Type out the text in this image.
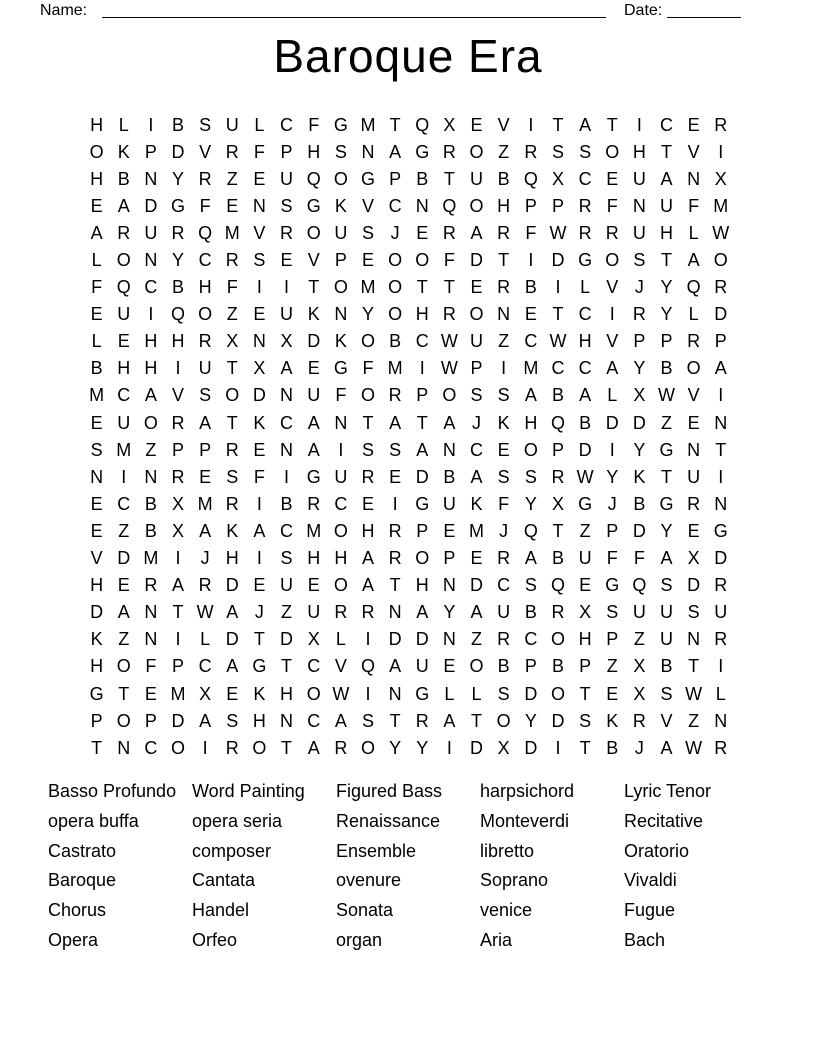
Name:	Date:
Baroque Era
H L	I	B S U L C F G M T Q X E V	I	T A T	I	C E R
O K P D V R F P H S N A G R O Z R S S O H T V	I
H B N Y R Z E U Q O G P B T U B Q X C E U A N X
E A D G F E N S G K V C N Q O H P P R F N U F M
A R U R Q M V R O U S J E R A R F W R R U H L W
L O N Y C R S E V P E O O F D T	I	D G O S T A O
F Q C B H F	I	I	T O M O T T E R B	I	L V J Y Q R
E U	I Q O Z E U K N Y O H R O N E T C	I	R Y L D
L E H H R X N X D K O B C W U Z C W H V P P R P
B H H	I	U T X A E G F M I W P	I M C C A Y B O A
M C A V S O D N U F O R P O S S A B A L X W V	I
E U O R A T K C A N T A T A J K H Q B D D Z E N
S M Z P P R E N A	I	S S A N C E O P D	I	Y G N T
N	I	N R E S F	I G U R E D B A S S R W Y K T U	I
E C B X M R	I	B R C E	I G U K F Y X G J B G R N
E Z B X A K A C M O H R P E M J Q T Z P D Y E G
V D M I	J H	I	S H H A R O P E R A B U F F A X D
H E R A R D E U E O A T H N D C S Q E G Q S D R
D A N T W A J Z U R R N A Y A U B R X S U U S U
K Z N	I	L D T D X L	I	D D N Z R C O H P Z U N R
H O F P C A G T C V Q A U E O B P B P Z X B T	I
G T E M X E K H O W I	N G L L S D O T E X S W L
P O P D A S H N C A S T R A T O Y D S K R V Z N
T N C O I	R O T A R O Y Y	I	D X D	I	T B J A W R
Basso Profundo
opera buffa
Castrato
Baroque
Chorus
Opera
Word Painting
opera seria
composer
Cantata
Handel
Orfeo
Figured Bass
Renaissance
Ensemble
ovenure
Sonata
organ
harpsichord
Monteverdi
libretto
Soprano
venice
Aria
Lyric Tenor
Recitative
Oratorio
Vivaldi
Fugue
Bach
